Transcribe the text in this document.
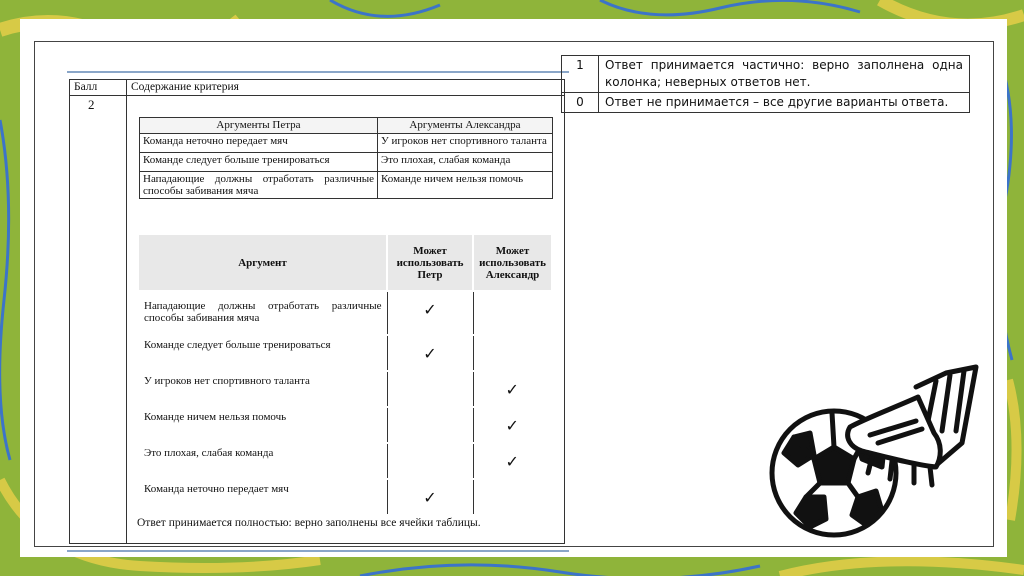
Балл	Содержание критерия
2	
Аргументы Петра	Аргументы Александра
Команда неточно передает мяч	У игроков нет спортивного таланта
Команде следует больше тренироваться	Это плохая, слабая команда
Нападающие должны отработать различные способы забивания мяча	Команде ничем нельзя помочь
Аргумент	Может использовать Петр	Может использовать Александр
Нападающие должны отработать различные способы забивания мяча	✓	
Команде следует больше тренироваться	✓	
У игроков нет спортивного таланта		✓
Команде ничем нельзя помочь		✓
Это плохая, слабая команда		✓
Команда неточно передает мяч	✓	
Ответ принимается полностью: верно заполнены все ячейки таблицы.
1	Ответ принимается частично: верно заполнена одна колонка; неверных ответов нет.
0	Ответ не принимается – все другие варианты ответа.
